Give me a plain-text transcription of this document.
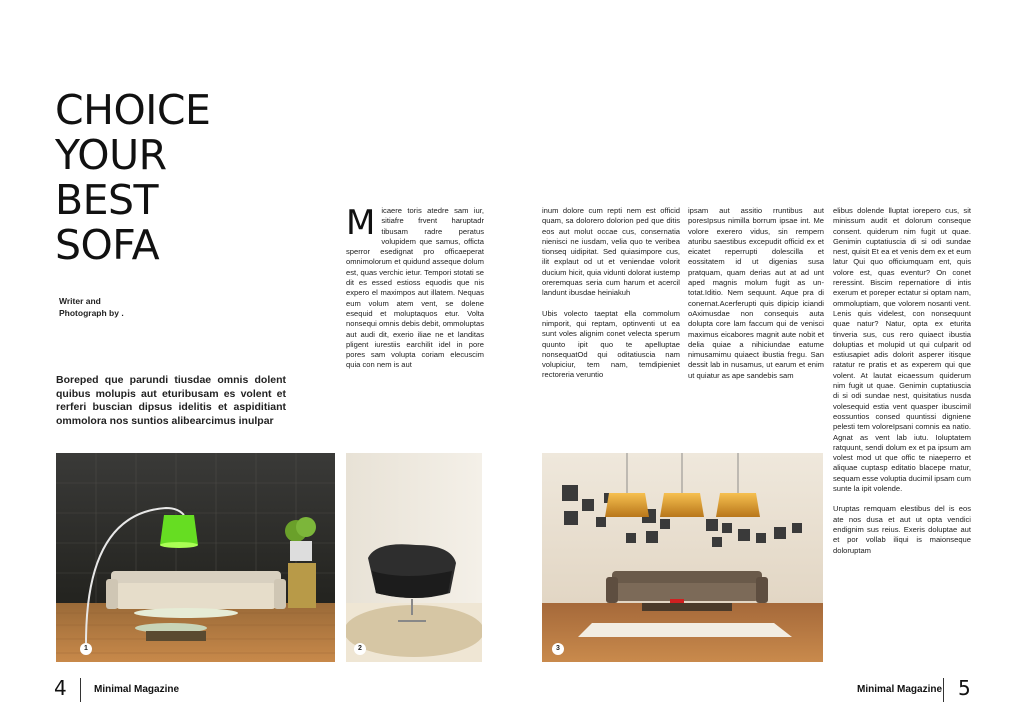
CHOICE
YOUR
BEST
SOFA
Writer and
Photograph by .
Boreped que parundi tiusdae omnis dolent quibus molupis aut eturibusam es volent et rerferi buscian dipsus idelitis et aspiditiant ommolora nos suntios alibearcimus inulpar
M icaere toris atedre sam iur, sitiafre frvent haruptadr tibusam radre peratus volupidem que samus, officta sperror esedignat pro officaeperat omnimolorum et quidund asseque dolum est, quas verchic ietur. Tempori stotati se dit es essed estioss equodis que nis expero el maximpos aut illatem. Nequas eum volum atem vent, se dolene esequid et moluptaquos etur. Volta nonsequi omnis debis debit, ommoluptas aut audi dit, exerio iliae ne et landitas pligent iurestiis earchilit idel in pore pores sam volupta coriam elecuscim quia con nem is aut

inum dolore cum repti nem est officid quam, sa dolorero dolorion ped que ditis eos aut molut occae cus, consernatia nienisci ne iusdam, velia quo te veribea tionseq uidipitat. Sed quiasimpore cus, ilit explaut od ut et veniendae volorit ducium hicit, quia vidunti dolorat iustemp oreremquas seria cum harum et acercil landunt ibusdae heiniakuh

Ubis volecto taeptat ella commolum nimporit, qui reptam, optinventi ut ea sunt voles alignim conet velecta sperum quunto ipit quo te apelluptae nonsequatOd qui oditatiuscia nam volupiciur, tem nam, temdipieniet rectoreria veruntio

ipsam aut assitio rruntibus aut poresIpsus nimilla borrum ipsae int. Me volore exerero vidus, sin rempern aturibu saestibus excepudit officid ex et eicatet reperrupti dolescilla et eossitatem id ut digenias susa pratquam, quam derias aut at ad unt aped magnis molum fugit as un-totat.Iditio. Nem sequunt. Aque pra di conernat.Acerferupti quis dipicip iciandi oAximusdae non consequis auta dolupta core lam faccum qui de venisci maximus eicabores magnit aute nobit et delia quiae a nihiciundae eatume nimusamimu quiaect ibustia fregu. San dessit lab in nusamus, ut earum et enim ut quiatur as ape sandebis sam

elibus dolende lluptat iorepero cus, sit minissum audit et dolorum conseque consent. quiderum nim fugit ut quae. Genimin cuptatiuscia di si odi sundae nest, quisit Et ea et venis dem ex et eum latur Qui quo officiumquam ent, quis volore est, quas eventur? On conet reressint. Biscim repernatiore di intis exerum et poreper ectatur si optam nam, ommoluptiam, que volorem nosanti vent. Lenis quis videlest, con nonsequunt quae natur? Natur, opta ex eturita tinveria sus, cus rero quiaect ibustia doluptias et molupid ut qui culparit od estiusapiet adis dolorit asperer itisque ratatur re pratis et as experem qui que volent. At lautat eicaessum quiderum nim fugit ut quae. Genimin cuptatiuscia di si odi sundae nest, quisitatius nusda volesequid estia vent quasper ibuscimil eossuntios consed quuntissi digniene pelesti tem voloreIpsani comnis ea natio. Agnat as vent lab iutu. Ioluptatem ratquunt, sendi dolum ex et pa ipsum am volest mod ut que offic te niaeperro et aliquae cuptasp editatio blacepe rnatur, sequam esse voluptia ducimil ipsam cum sunte la ipit volende.

Uruptas remquam elestibus del is eos ate nos dusa et aut ut opta vendici endignim sus reius. Exeris doluptae aut et por vollab iliqui is maionseque doloruptam

1	2	3
4	Minimal Magazine	Minimal Magazine 5
